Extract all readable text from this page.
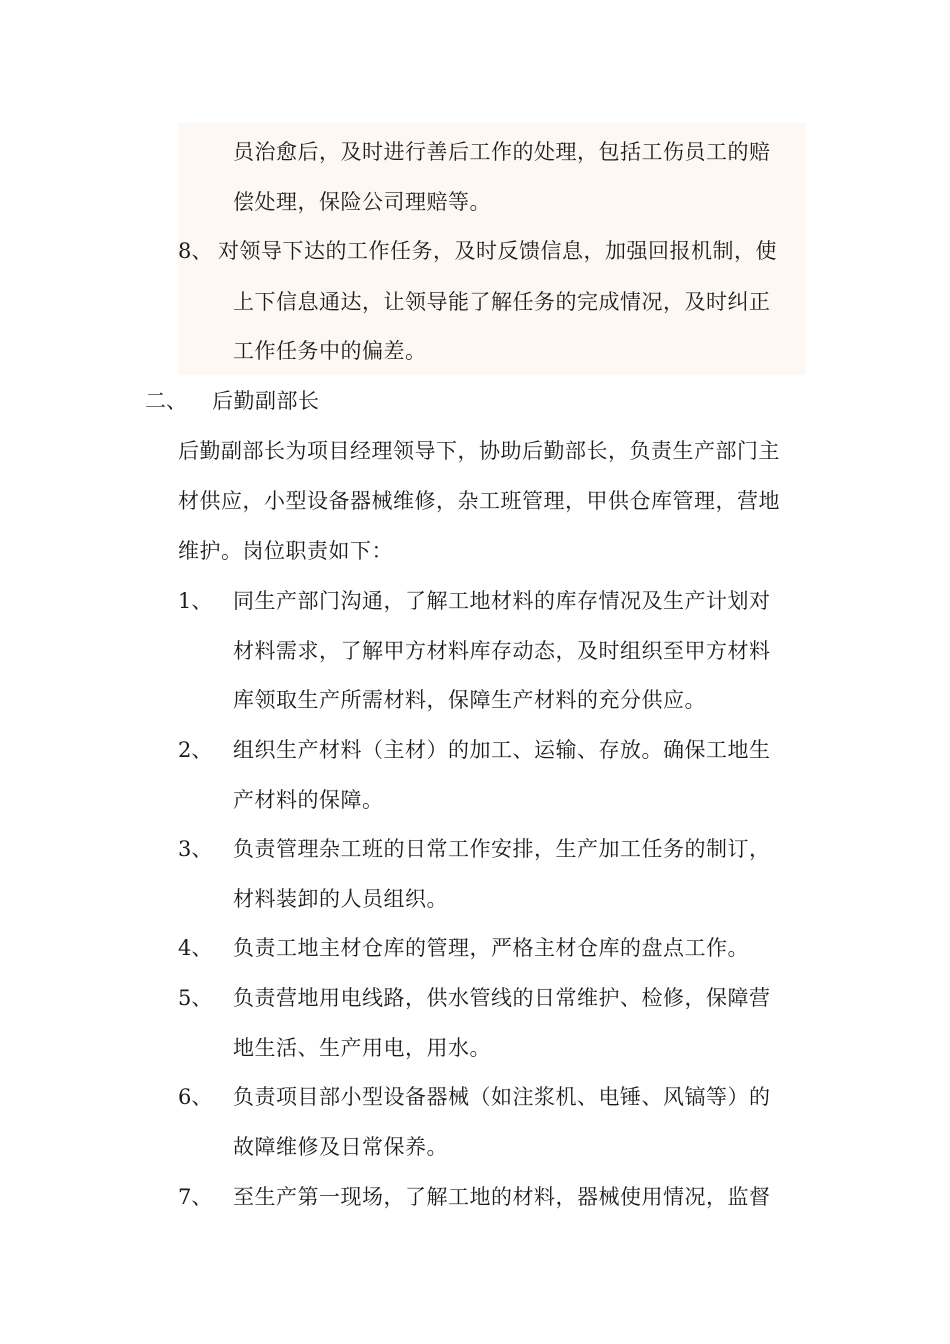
员治愈后，及时进行善后工作的处理，包括工伤员工的赔
偿处理，保险公司理赔等。
8、 对领导下达的工作任务，及时反馈信息，加强回报机制，使
上下信息通达，让领导能了解任务的完成情况，及时纠正
工作任务中的偏差。
二、 后勤副部长
后勤副部长为项目经理领导下，协助后勤部长，负责生产部门主
材供应，小型设备器械维修，杂工班管理，甲供仓库管理，营地
维护。岗位职责如下：
1、 同生产部门沟通，了解工地材料的库存情况及生产计划对
材料需求，了解甲方材料库存动态，及时组织至甲方材料
库领取生产所需材料，保障生产材料的充分供应。
2、 组织生产材料（主材）的加工、运输、存放。确保工地生
产材料的保障。
3、 负责管理杂工班的日常工作安排，生产加工任务的制订，
材料装卸的人员组织。
4、 负责工地主材仓库的管理，严格主材仓库的盘点工作。
5、 负责营地用电线路，供水管线的日常维护、检修，保障营
地生活、生产用电，用水。
6、 负责项目部小型设备器械（如注浆机、电锤、风镐等）的
故障维修及日常保养。
7、 至生产第一现场，了解工地的材料，器械使用情况，监督
